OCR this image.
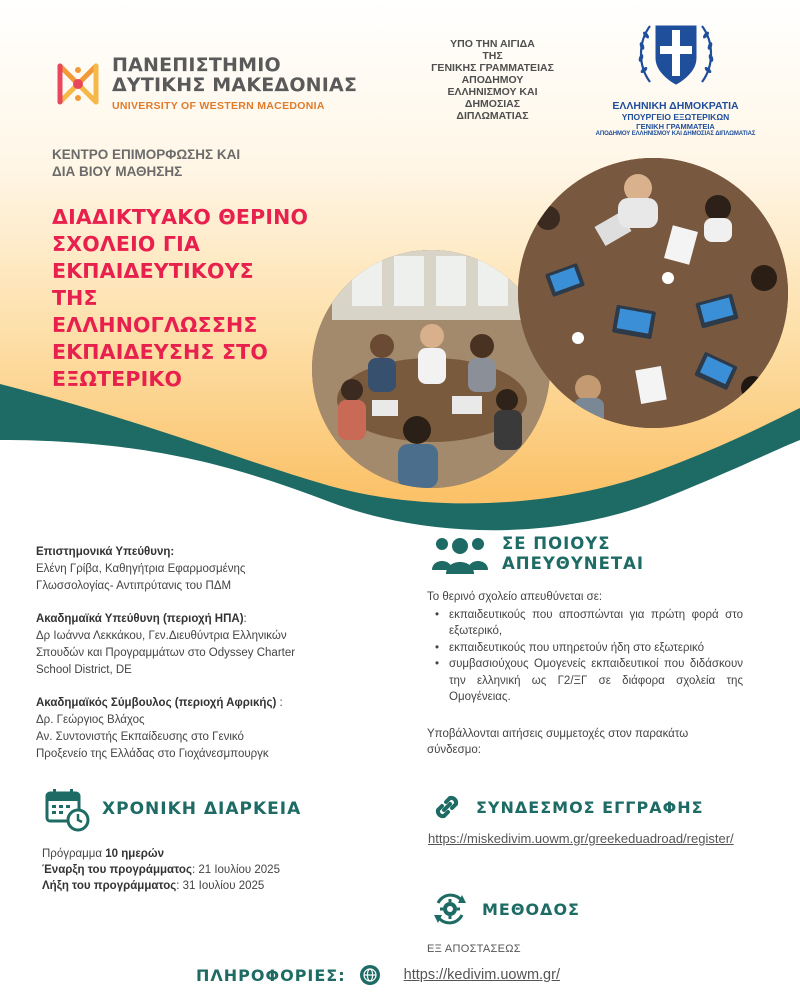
ΠΑΝΕΠΙΣΤΗΜΙΟ
ΔΥΤΙΚΗΣ ΜΑΚΕΔΟΝΙΑΣ
UNIVERSITY OF WESTERN MACEDONIA
ΥΠΟ ΤΗΝ ΑΙΓΙΔΑ
ΤΗΣ
ΓΕΝΙΚΗΣ ΓΡΑΜΜΑΤΕΙΑΣ
ΑΠΟΔΗΜΟΥ
ΕΛΛΗΝΙΣΜΟΥ ΚΑΙ
ΔΗΜΟΣΙΑΣ
ΔΙΠΛΩΜΑΤΙΑΣ
ΕΛΛΗΝΙΚΗ ΔΗΜΟΚΡΑΤΙΑ
ΥΠΟΥΡΓΕΙΟ ΕΞΩΤΕΡΙΚΩΝ
ΓΕΝΙΚΗ ΓΡΑΜΜΑΤΕΙΑ
ΑΠΟΔΗΜΟΥ ΕΛΛΗΝΙΣΜΟΥ ΚΑΙ ΔΗΜΟΣΙΑΣ ΔΙΠΛΩΜΑΤΙΑΣ
ΚΕΝΤΡΟ ΕΠΙΜΟΡΦΩΣΗΣ ΚΑΙ
ΔΙΑ ΒΙΟΥ ΜΑΘΗΣΗΣ
ΔΙΑΔΙΚΤΥΑΚΟ ΘΕΡΙΝΟ
ΣΧΟΛΕΙΟ ΓΙΑ
ΕΚΠΑΙΔΕΥΤΙΚΟΥΣ
ΤΗΣ
ΕΛΛΗΝΟΓΛΩΣΣΗΣ
ΕΚΠΑΙΔΕΥΣΗΣ ΣΤΟ
ΕΞΩΤΕΡΙΚΟ
Επιστημονικά Υπεύθυνη:
Ελένη Γρίβα, Καθηγήτρια Εφαρμοσμένης
Γλωσσολογίας- Αντιπρύτανις του ΠΔΜ
Ακαδημαϊκά Υπεύθυνη (περιοχή ΗΠΑ):
Δρ Ιωάννα Λεκκάκου, Γεν.Διευθύντρια Ελληνικών
Σπουδών και Προγραμμάτων στο Odyssey Charter
School District, DE
Ακαδημαϊκός Σύμβουλος (περιοχή Αφρικής) :
Δρ. Γεώργιος Βλάχος
Αν. Συντονιστής Εκπαίδευσης στο Γενικό
Προξενείο της Ελλάδας στο Γιοχάνεσμπουργκ
ΣΕ ΠΟΙΟΥΣ
ΑΠΕΥΘΥΝΕΤΑΙ
Το θερινό σχολείο απευθύνεται σε:
• εκπαιδευτικούς που αποσπώνται για πρώτη φορά στο εξωτερικό,
• εκπαιδευτικούς που υπηρετούν ήδη στο εξωτερικό
• συμβασιούχους Ομογενείς εκπαιδευτικοί που διδάσκουν την ελληνική ως Γ2/ΞΓ σε διάφορα σχολεία της Ομογένειας.
Υποβάλλονται αιτήσεις συμμετοχές στον παρακάτω σύνδεσμο:
ΧΡΟΝΙΚΗ ΔΙΑΡΚΕΙΑ
Πρόγραμμα 10 ημερών
Έναρξη του προγράμματος: 21 Ιουλίου 2025
Λήξη του προγράμματος: 31 Ιουλίου 2025
ΣΥΝΔΕΣΜΟΣ ΕΓΓΡΑΦΗΣ
https://miskedivim.uowm.gr/greekeduadroad/register/
ΜΕΘΟΔΟΣ
ΕΞ ΑΠΟΣΤΑΣΕΩΣ
ΠΛΗΡΟΦΟΡΙΕΣ:	https://kedivim.uowm.gr/
